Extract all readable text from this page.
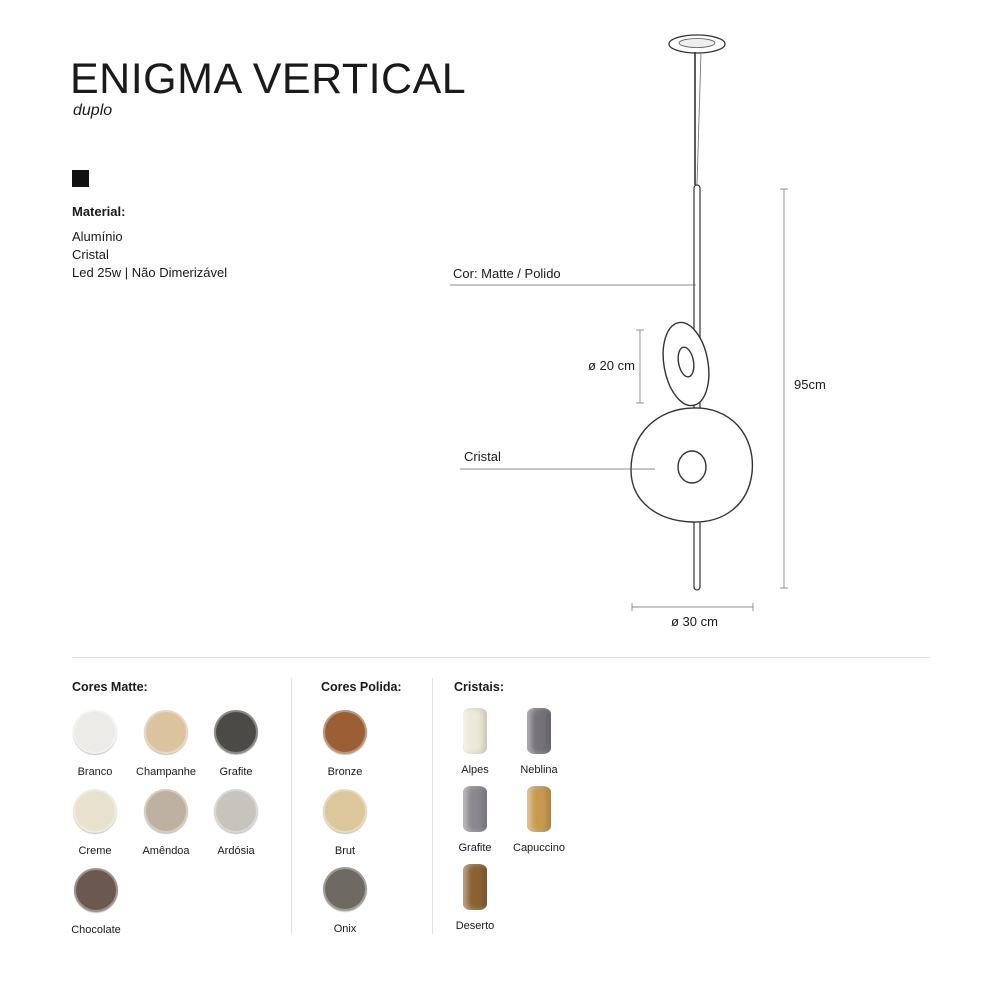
ENIGMA VERTICAL
duplo
Material:
Alumínio
Cristal
Led 25w | Não Dimerizável	Cor: Matte / Polido
ø 20 cm
95cm
Cristal
ø 30 cm
Cores Matte:
Branco	Champanhe	Grafite
Creme	Amêndoa	Ardósia
Chocolate
Cores Polida:
Bronze
Brut
Onix
Cristais:
Alpes	Neblina
Grafite	Capuccino
Deserto
